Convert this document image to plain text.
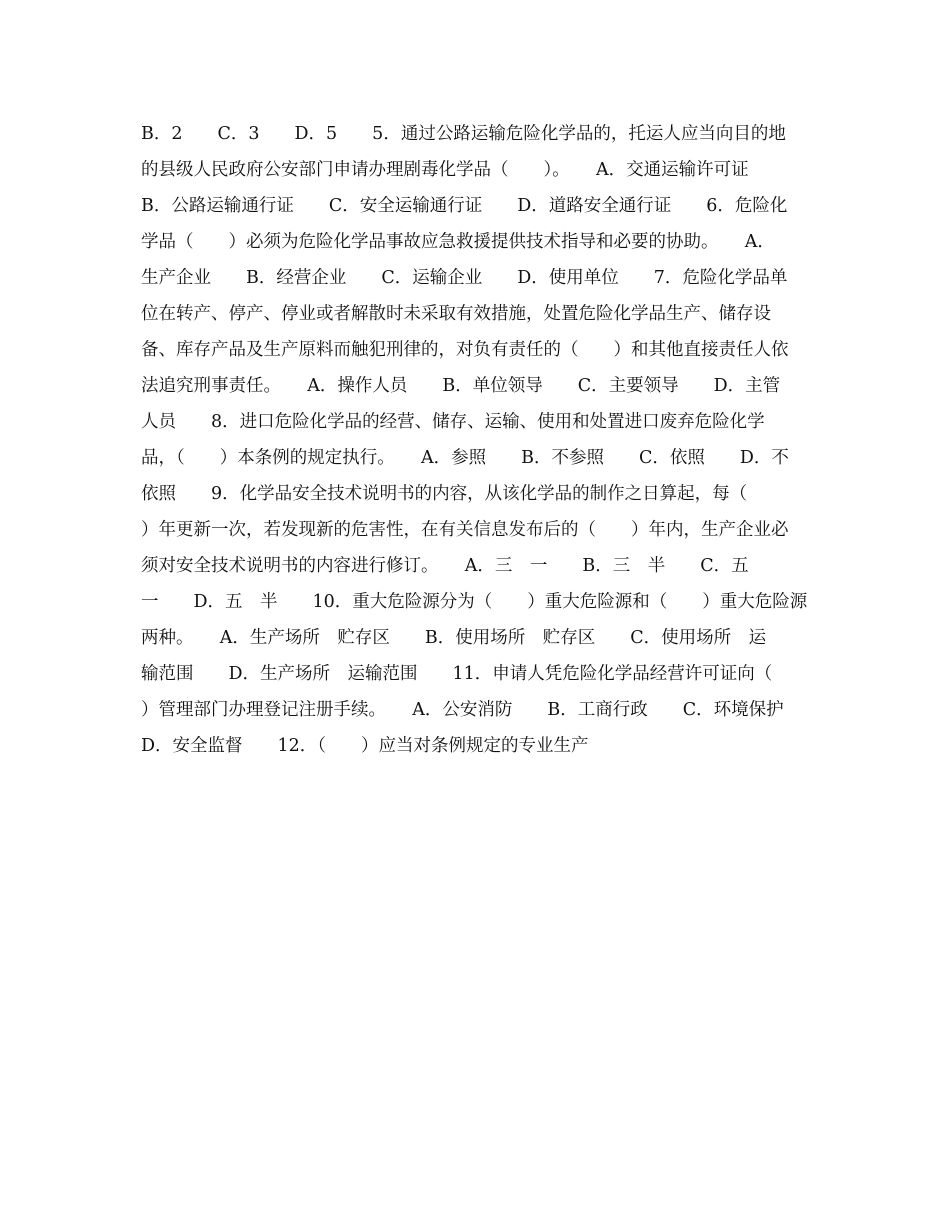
B．2　　C．3　　D．5　　5．通过公路运输危险化学品的，托运人应当向目的地
的县级人民政府公安部门申请办理剧毒化学品（　　）。　　A．交通运输许可证
B．公路运输通行证　　C．安全运输通行证　　D．道路安全通行证　　6．危险化
学品（　　）必须为危险化学品事故应急救援提供技术指导和必要的协助。　　A．
生产企业　　B．经营企业　　C．运输企业　　D．使用单位　　7．危险化学品单
位在转产、停产、停业或者解散时未采取有效措施，处置危险化学品生产、储存设
备、库存产品及生产原料而触犯刑律的，对负有责任的（　　）和其他直接责任人依
法追究刑事责任。　　A．操作人员　　B．单位领导　　C．主要领导　　D．主管
人员　　8．进口危险化学品的经营、储存、运输、使用和处置进口废弃危险化学
品，（　　）本条例的规定执行。　　A．参照　　B．不参照　　C．依照　　D．不
依照　　9．化学品安全技术说明书的内容，从该化学品的制作之日算起，每（
）年更新一次，若发现新的危害性，在有关信息发布后的（　　）年内，生产企业必
须对安全技术说明书的内容进行修订。　　A．三　一　　B．三　半　　C．五
一　　D．五　半　　10．重大危险源分为（　　）重大危险源和（　　）重大危险源
两种。　　A．生产场所　贮存区　　B．使用场所　贮存区　　C．使用场所　运
输范围　　D．生产场所　运输范围　　11．申请人凭危险化学品经营许可证向（
）管理部门办理登记注册手续。　　A．公安消防　　B．工商行政　　C．环境保护
D．安全监督　　12．（　　）应当对条例规定的专业生产
